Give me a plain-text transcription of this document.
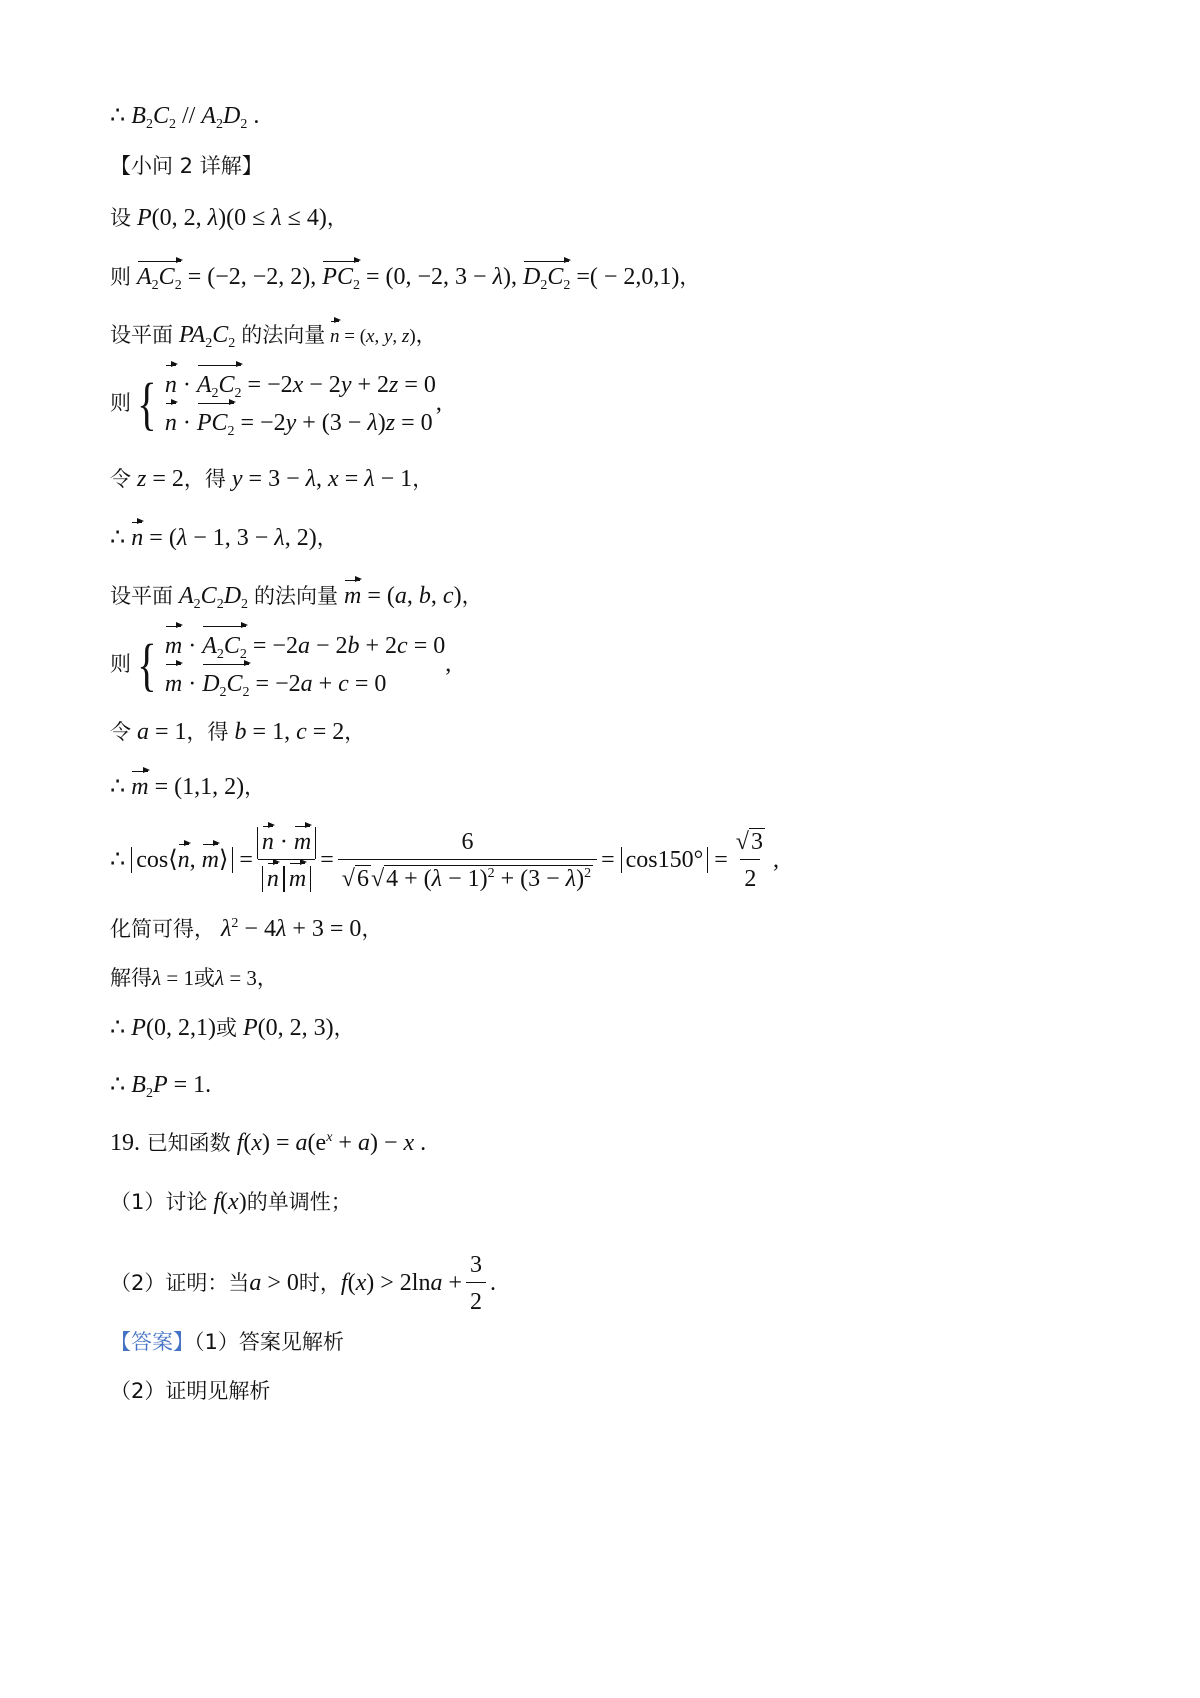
∴ $B_2C_2 // A_2D_2$ .
【小问 2 详解】
设 P(0, 2, λ)(0 ≤ λ ≤ 4)，
则 $A_2C_2 = (-2$, −2, 2), $PC_2 = (0$, −2, 3 − λ), $D_2C_2$ =( − 2,0,1)，
设平面 $PA_2C_2$ 的法向量 n = (x, y, z)，
则 { $n \cdot A_2C_2 = -2x - 2y + 2z = 0$
$n \cdot PC_2 = -2y + (3 - \lambda)z = 0$
,
令 z = 2，得 y = 3 − λ, x = λ − 1，
∴ n = (λ − 1, 3 − λ, 2)，
设平面 $A_2C_2D_2$ 的法向量 m = (a, b, c)，
则 { $m \cdot A_2C_2 = -2a - 2b + 2c = 0$
$m \cdot D_2C_2 = -2a + c = 0$
,
令 a = 1，得 b = 1, c = 2，
∴ m = (1,1, 2)，
∴ cos⟨n, m⟩ = $\frac{n \cdot m}{\text{n m}} = \frac{6}{√6√4 + (\lambda - 1)^2 + (3 - \lambda)^2} = \cos 150^\circ = \frac{√3}{2}$ ,
化简可得， $\lambda^2 - 4\lambda + 3 = 0$，
解得λ = 1或λ = 3，
∴ P(0, 2,1)或 P(0, 2, 3)，
∴ $B_2P = 1$.
19. 已知函数 $f(x) = a(e^x + a) - x$ .
（1）讨论 f(x)的单调性；
（2）证明：当 a > 0 时， $f(x) > 2\ln a + \frac{3}{2}$ .
【答案】（1）答案见解析
（2）证明见解析
